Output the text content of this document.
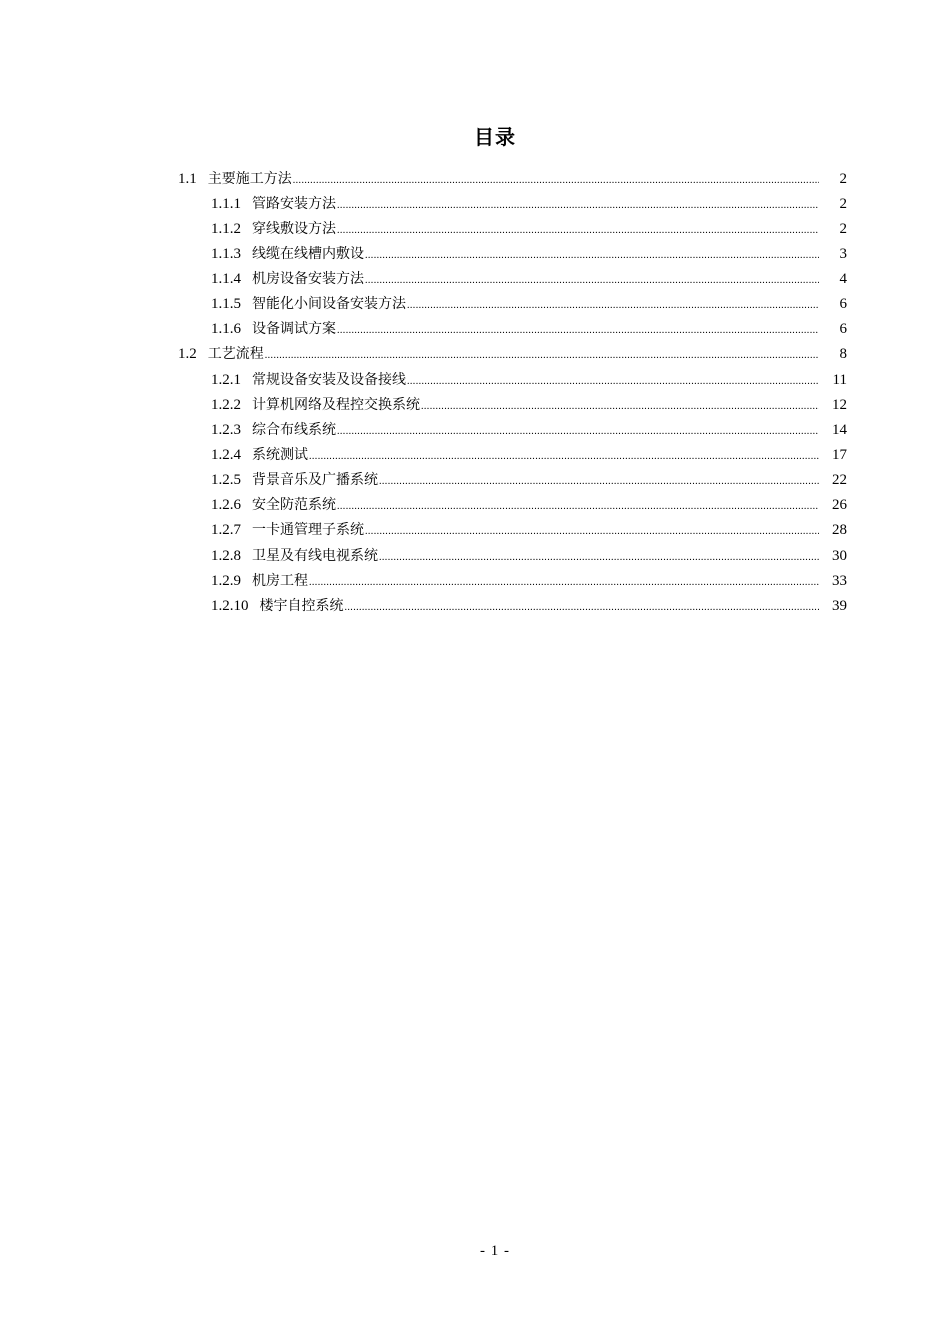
目录
1.1 主要施工方法 .....	2
1.1.1 管路安装方法 .....	2
1.1.2 穿线敷设方法 .....	2
1.1.3 线缆在线槽内敷设 .....	3
1.1.4 机房设备安装方法 .....	4
1.1.5 智能化小间设备安装方法 .....	6
1.1.6 设备调试方案 .....	6
1.2 工艺流程 .....	8
1.2.1 常规设备安装及设备接线 .....	11
1.2.2 计算机网络及程控交换系统 .....	12
1.2.3 综合布线系统 .....	14
1.2.4 系统测试 .....	17
1.2.5 背景音乐及广播系统 .....	22
1.2.6 安全防范系统 .....	26
1.2.7 一卡通管理子系统 .....	28
1.2.8 卫星及有线电视系统 .....	30
1.2.9 机房工程 .....	33
1.2.10 楼宇自控系统 .....	39
- 1 -
